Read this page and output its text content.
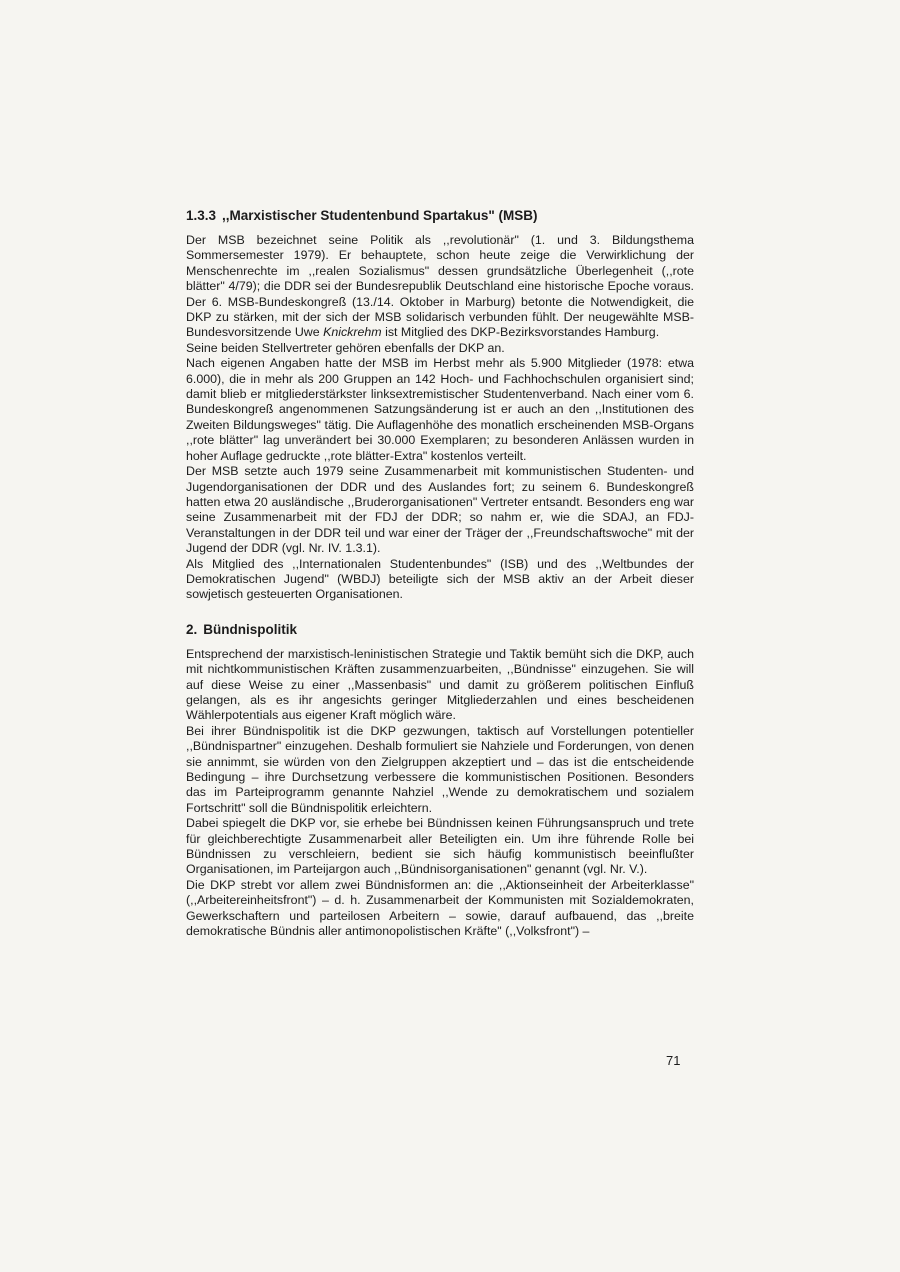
1.3.3 ,,Marxistischer Studentenbund Spartakus" (MSB)

Der MSB bezeichnet seine Politik als ,,revolutionär" (1. und 3. Bildungsthema Sommersemester 1979). Er behauptete, schon heute zeige die Verwirklichung der Menschenrechte im ,,realen Sozialismus" dessen grundsätzliche Überlegenheit (,,rote blätter" 4/79); die DDR sei der Bundesrepublik Deutschland eine historische Epoche voraus. Der 6. MSB-Bundeskongreß (13./14. Oktober in Marburg) betonte die Notwendigkeit, die DKP zu stärken, mit der sich der MSB solidarisch verbunden fühlt. Der neugewählte MSB-Bundesvorsitzende Uwe Knickrehm ist Mitglied des DKP-Bezirksvorstandes Hamburg.

Seine beiden Stellvertreter gehören ebenfalls der DKP an.

Nach eigenen Angaben hatte der MSB im Herbst mehr als 5.900 Mitglieder (1978: etwa 6.000), die in mehr als 200 Gruppen an 142 Hoch- und Fachhochschulen organisiert sind; damit blieb er mitgliederstärkster linksextremistischer Studentenverband. Nach einer vom 6. Bundeskongreß angenommenen Satzungsänderung ist er auch an den ,,Institutionen des Zweiten Bildungsweges" tätig. Die Auflagenhöhe des monatlich erscheinenden MSB-Organs ,,rote blätter" lag unverändert bei 30.000 Exemplaren; zu besonderen Anlässen wurden in hoher Auflage gedruckte ,,rote blätter-Extra" kostenlos verteilt.

Der MSB setzte auch 1979 seine Zusammenarbeit mit kommunistischen Studenten- und Jugendorganisationen der DDR und des Auslandes fort; zu seinem 6. Bundeskongreß hatten etwa 20 ausländische ,,Bruderorganisationen" Vertreter entsandt. Besonders eng war seine Zusammenarbeit mit der FDJ der DDR; so nahm er, wie die SDAJ, an FDJ-Veranstaltungen in der DDR teil und war einer der Träger der ,,Freundschaftswoche" mit der Jugend der DDR (vgl. Nr. IV. 1.3.1).

Als Mitglied des ,,Internationalen Studentenbundes" (ISB) und des ,,Weltbundes der Demokratischen Jugend" (WBDJ) beteiligte sich der MSB aktiv an der Arbeit dieser sowjetisch gesteuerten Organisationen.

2. Bündnispolitik

Entsprechend der marxistisch-leninistischen Strategie und Taktik bemüht sich die DKP, auch mit nichtkommunistischen Kräften zusammenzuarbeiten, ,,Bündnisse" einzugehen. Sie will auf diese Weise zu einer ,,Massenbasis" und damit zu größerem politischen Einfluß gelangen, als es ihr angesichts geringer Mitgliederzahlen und eines bescheidenen Wählerpotentials aus eigener Kraft möglich wäre.

Bei ihrer Bündnispolitik ist die DKP gezwungen, taktisch auf Vorstellungen potentieller ,,Bündnispartner" einzugehen. Deshalb formuliert sie Nahziele und Forderungen, von denen sie annimmt, sie würden von den Zielgruppen akzeptiert und – das ist die entscheidende Bedingung – ihre Durchsetzung verbessere die kommunistischen Positionen. Besonders das im Parteiprogramm genannte Nahziel ,,Wende zu demokratischem und sozialem Fortschritt" soll die Bündnispolitik erleichtern.

Dabei spiegelt die DKP vor, sie erhebe bei Bündnissen keinen Führungsanspruch und trete für gleichberechtigte Zusammenarbeit aller Beteiligten ein. Um ihre führende Rolle bei Bündnissen zu verschleiern, bedient sie sich häufig kommunistisch beeinflußter Organisationen, im Parteijargon auch ,,Bündnisorganisationen" genannt (vgl. Nr. V.).

Die DKP strebt vor allem zwei Bündnisformen an: die ,,Aktionseinheit der Arbeiterklasse" (,,Arbeitereinheitsfront") – d. h. Zusammenarbeit der Kommunisten mit Sozialdemokraten, Gewerkschaftern und parteilosen Arbeitern – sowie, darauf aufbauend, das ,,breite demokratische Bündnis aller antimonopolistischen Kräfte" (,,Volksfront") –

71
